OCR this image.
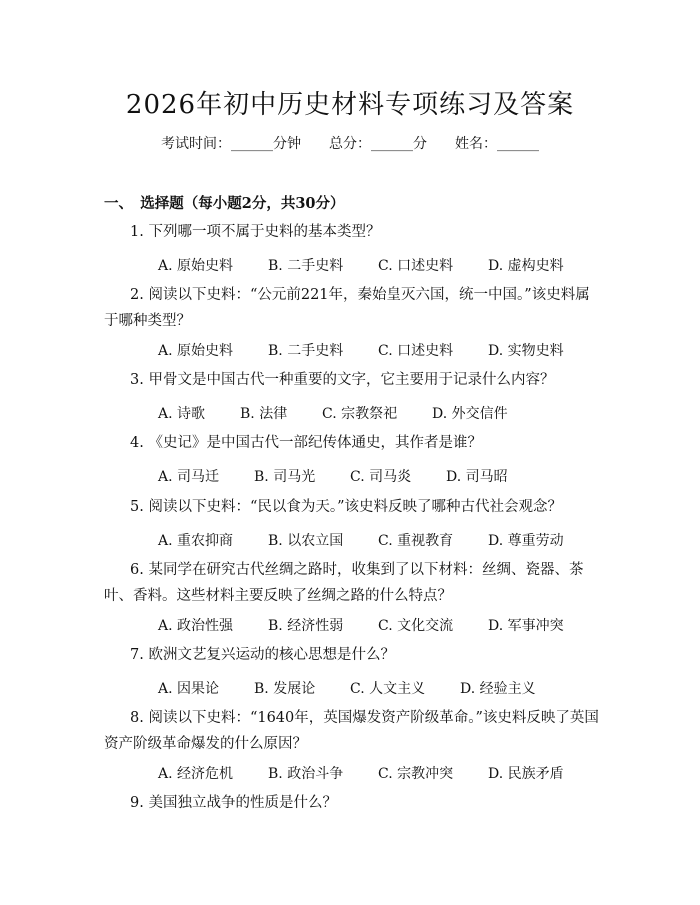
2026年初中历史材料专项练习及答案
考试时间：______分钟　　总分：______分　　姓名：______
一、　选择题（每小题2分，共30分）
1. 下列哪一项不属于史料的基本类型？
A. 原始史料 B. 二手史料 C. 口述史料 D. 虚构史料
2. 阅读以下史料：“公元前221年，秦始皇灭六国，统一中国。”该史料属于哪种类型？
A. 原始史料 B. 二手史料 C. 口述史料 D. 实物史料
3. 甲骨文是中国古代一种重要的文字，它主要用于记录什么内容？
A. 诗歌 B. 法律 C. 宗教祭祀 D. 外交信件
4. 《史记》是中国古代一部纪传体通史，其作者是谁？
A. 司马迁 B. 司马光 C. 司马炎 D. 司马昭
5. 阅读以下史料：“民以食为天。”该史料反映了哪种古代社会观念？
A. 重农抑商 B. 以农立国 C. 重视教育 D. 尊重劳动
6. 某同学在研究古代丝绸之路时，收集到了以下材料：丝绸、瓷器、茶叶、香料。这些材料主要反映了丝绸之路的什么特点？
A. 政治性强 B. 经济性弱 C. 文化交流 D. 军事冲突
7. 欧洲文艺复兴运动的核心思想是什么？
A. 因果论 B. 发展论 C. 人文主义 D. 经验主义
8. 阅读以下史料：“1640年，英国爆发资产阶级革命。”该史料反映了英国资产阶级革命爆发的什么原因？
A. 经济危机 B. 政治斗争 C. 宗教冲突 D. 民族矛盾
9. 美国独立战争的性质是什么？
